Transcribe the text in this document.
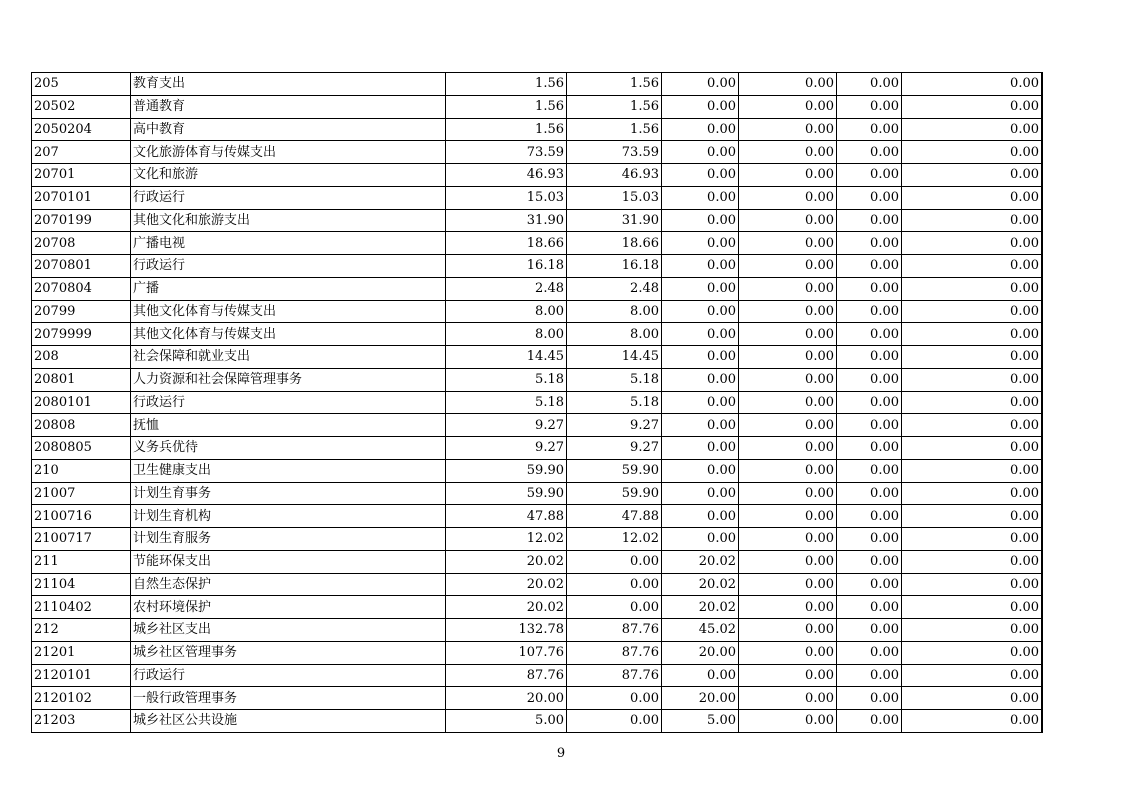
205	教育支出	1.56	1.56	0.00	0.00	0.00	0.00
20502	普通教育	1.56	1.56	0.00	0.00	0.00	0.00
2050204	高中教育	1.56	1.56	0.00	0.00	0.00	0.00
207	文化旅游体育与传媒支出	73.59	73.59	0.00	0.00	0.00	0.00
20701	文化和旅游	46.93	46.93	0.00	0.00	0.00	0.00
2070101	行政运行	15.03	15.03	0.00	0.00	0.00	0.00
2070199	其他文化和旅游支出	31.90	31.90	0.00	0.00	0.00	0.00
20708	广播电视	18.66	18.66	0.00	0.00	0.00	0.00
2070801	行政运行	16.18	16.18	0.00	0.00	0.00	0.00
2070804	广播	2.48	2.48	0.00	0.00	0.00	0.00
20799	其他文化体育与传媒支出	8.00	8.00	0.00	0.00	0.00	0.00
2079999	其他文化体育与传媒支出	8.00	8.00	0.00	0.00	0.00	0.00
208	社会保障和就业支出	14.45	14.45	0.00	0.00	0.00	0.00
20801	人力资源和社会保障管理事务	5.18	5.18	0.00	0.00	0.00	0.00
2080101	行政运行	5.18	5.18	0.00	0.00	0.00	0.00
20808	抚恤	9.27	9.27	0.00	0.00	0.00	0.00
2080805	义务兵优待	9.27	9.27	0.00	0.00	0.00	0.00
210	卫生健康支出	59.90	59.90	0.00	0.00	0.00	0.00
21007	计划生育事务	59.90	59.90	0.00	0.00	0.00	0.00
2100716	计划生育机构	47.88	47.88	0.00	0.00	0.00	0.00
2100717	计划生育服务	12.02	12.02	0.00	0.00	0.00	0.00
211	节能环保支出	20.02	0.00	20.02	0.00	0.00	0.00
21104	自然生态保护	20.02	0.00	20.02	0.00	0.00	0.00
2110402	农村环境保护	20.02	0.00	20.02	0.00	0.00	0.00
212	城乡社区支出	132.78	87.76	45.02	0.00	0.00	0.00
21201	城乡社区管理事务	107.76	87.76	20.00	0.00	0.00	0.00
2120101	行政运行	87.76	87.76	0.00	0.00	0.00	0.00
2120102	一般行政管理事务	20.00	0.00	20.00	0.00	0.00	0.00
21203	城乡社区公共设施	5.00	0.00	5.00	0.00	0.00	0.00
9
